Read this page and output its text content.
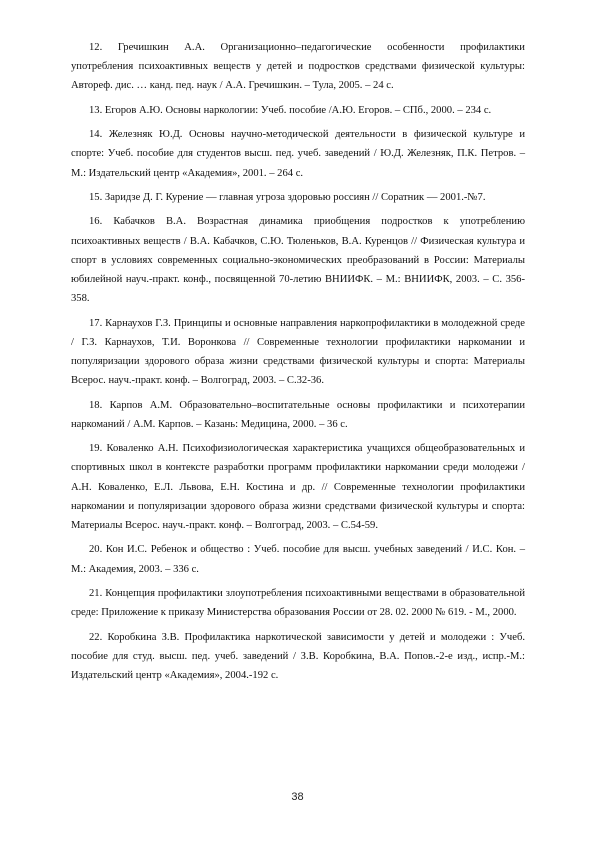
12. Гречишкин А.А. Организационно–педагогические особенности профилактики употребления психоактивных веществ у детей и подростков средствами физической культуры: Автореф. дис. … канд. пед. наук / А.А. Гречишкин. – Тула, 2005. – 24 с.

13. Егоров А.Ю. Основы наркологии: Учеб. пособие /А.Ю. Егоров. – СПб., 2000. – 234 с.

14. Железняк Ю.Д. Основы научно-методической деятельности в физической культуре и спорте: Учеб. пособие для студентов высш. пед. учеб. заведений / Ю.Д. Железняк, П.К. Петров. – М.: Издательский центр «Академия», 2001. – 264 с.

15. Заридзе Д. Г. Курение — главная угроза здоровью россиян // Соратник — 2001.-№7.

16. Кабачков В.А. Возрастная динамика приобщения подростков к употреблению психоактивных веществ / В.А. Кабачков, С.Ю. Тюленьков, В.А. Куренцов // Физическая культура и спорт в условиях современных социально-экономических преобразований в России: Материалы юбилейной науч.-практ. конф., посвященной 70-летию ВНИИФК. – М.: ВНИИФК, 2003. – С. 356-358.

17. Карнаухов Г.З. Принципы и основные направления наркопрофилактики в молодежной среде / Г.З. Карнаухов, Т.И. Воронкова // Современные технологии профилактики наркомании и популяризации здорового образа жизни средствами физической культуры и спорта: Материалы Всерос. науч.-практ. конф. – Волгоград, 2003. – С.32-36.

18. Карпов А.М. Образовательно–воспитательные основы профилактики и психотерапии наркоманий / А.М. Карпов. – Казань: Медицина, 2000. – 36 с.

19. Коваленко А.Н. Психофизиологическая характеристика учащихся общеобразовательных и спортивных школ в контексте разработки программ профилактики наркомании среди молодежи / А.Н. Коваленко, Е.Л. Львова, Е.Н. Костина и др. // Современные технологии профилактики наркомании и популяризации здорового образа жизни средствами физической культуры и спорта: Материалы Всерос. науч.-практ. конф. – Волгоград, 2003. – С.54-59.

20. Кон И.С. Ребенок и общество : Учеб. пособие для высш. учебных заведений / И.С. Кон. – М.: Академия, 2003. – 336 с.

21. Концепция профилактики злоупотребления психоактивными веществами в образовательной среде: Приложение к приказу Министерства образования России от 28. 02. 2000 № 619. - М., 2000.

22. Коробкина З.В. Профилактика наркотической зависимости у детей и молодежи : Учеб. пособие для студ. высш. пед. учеб. заведений / З.В. Коробкина, В.А. Попов.-2-е изд., испр.-М.: Издательский центр «Академия», 2004.-192 с.

38
